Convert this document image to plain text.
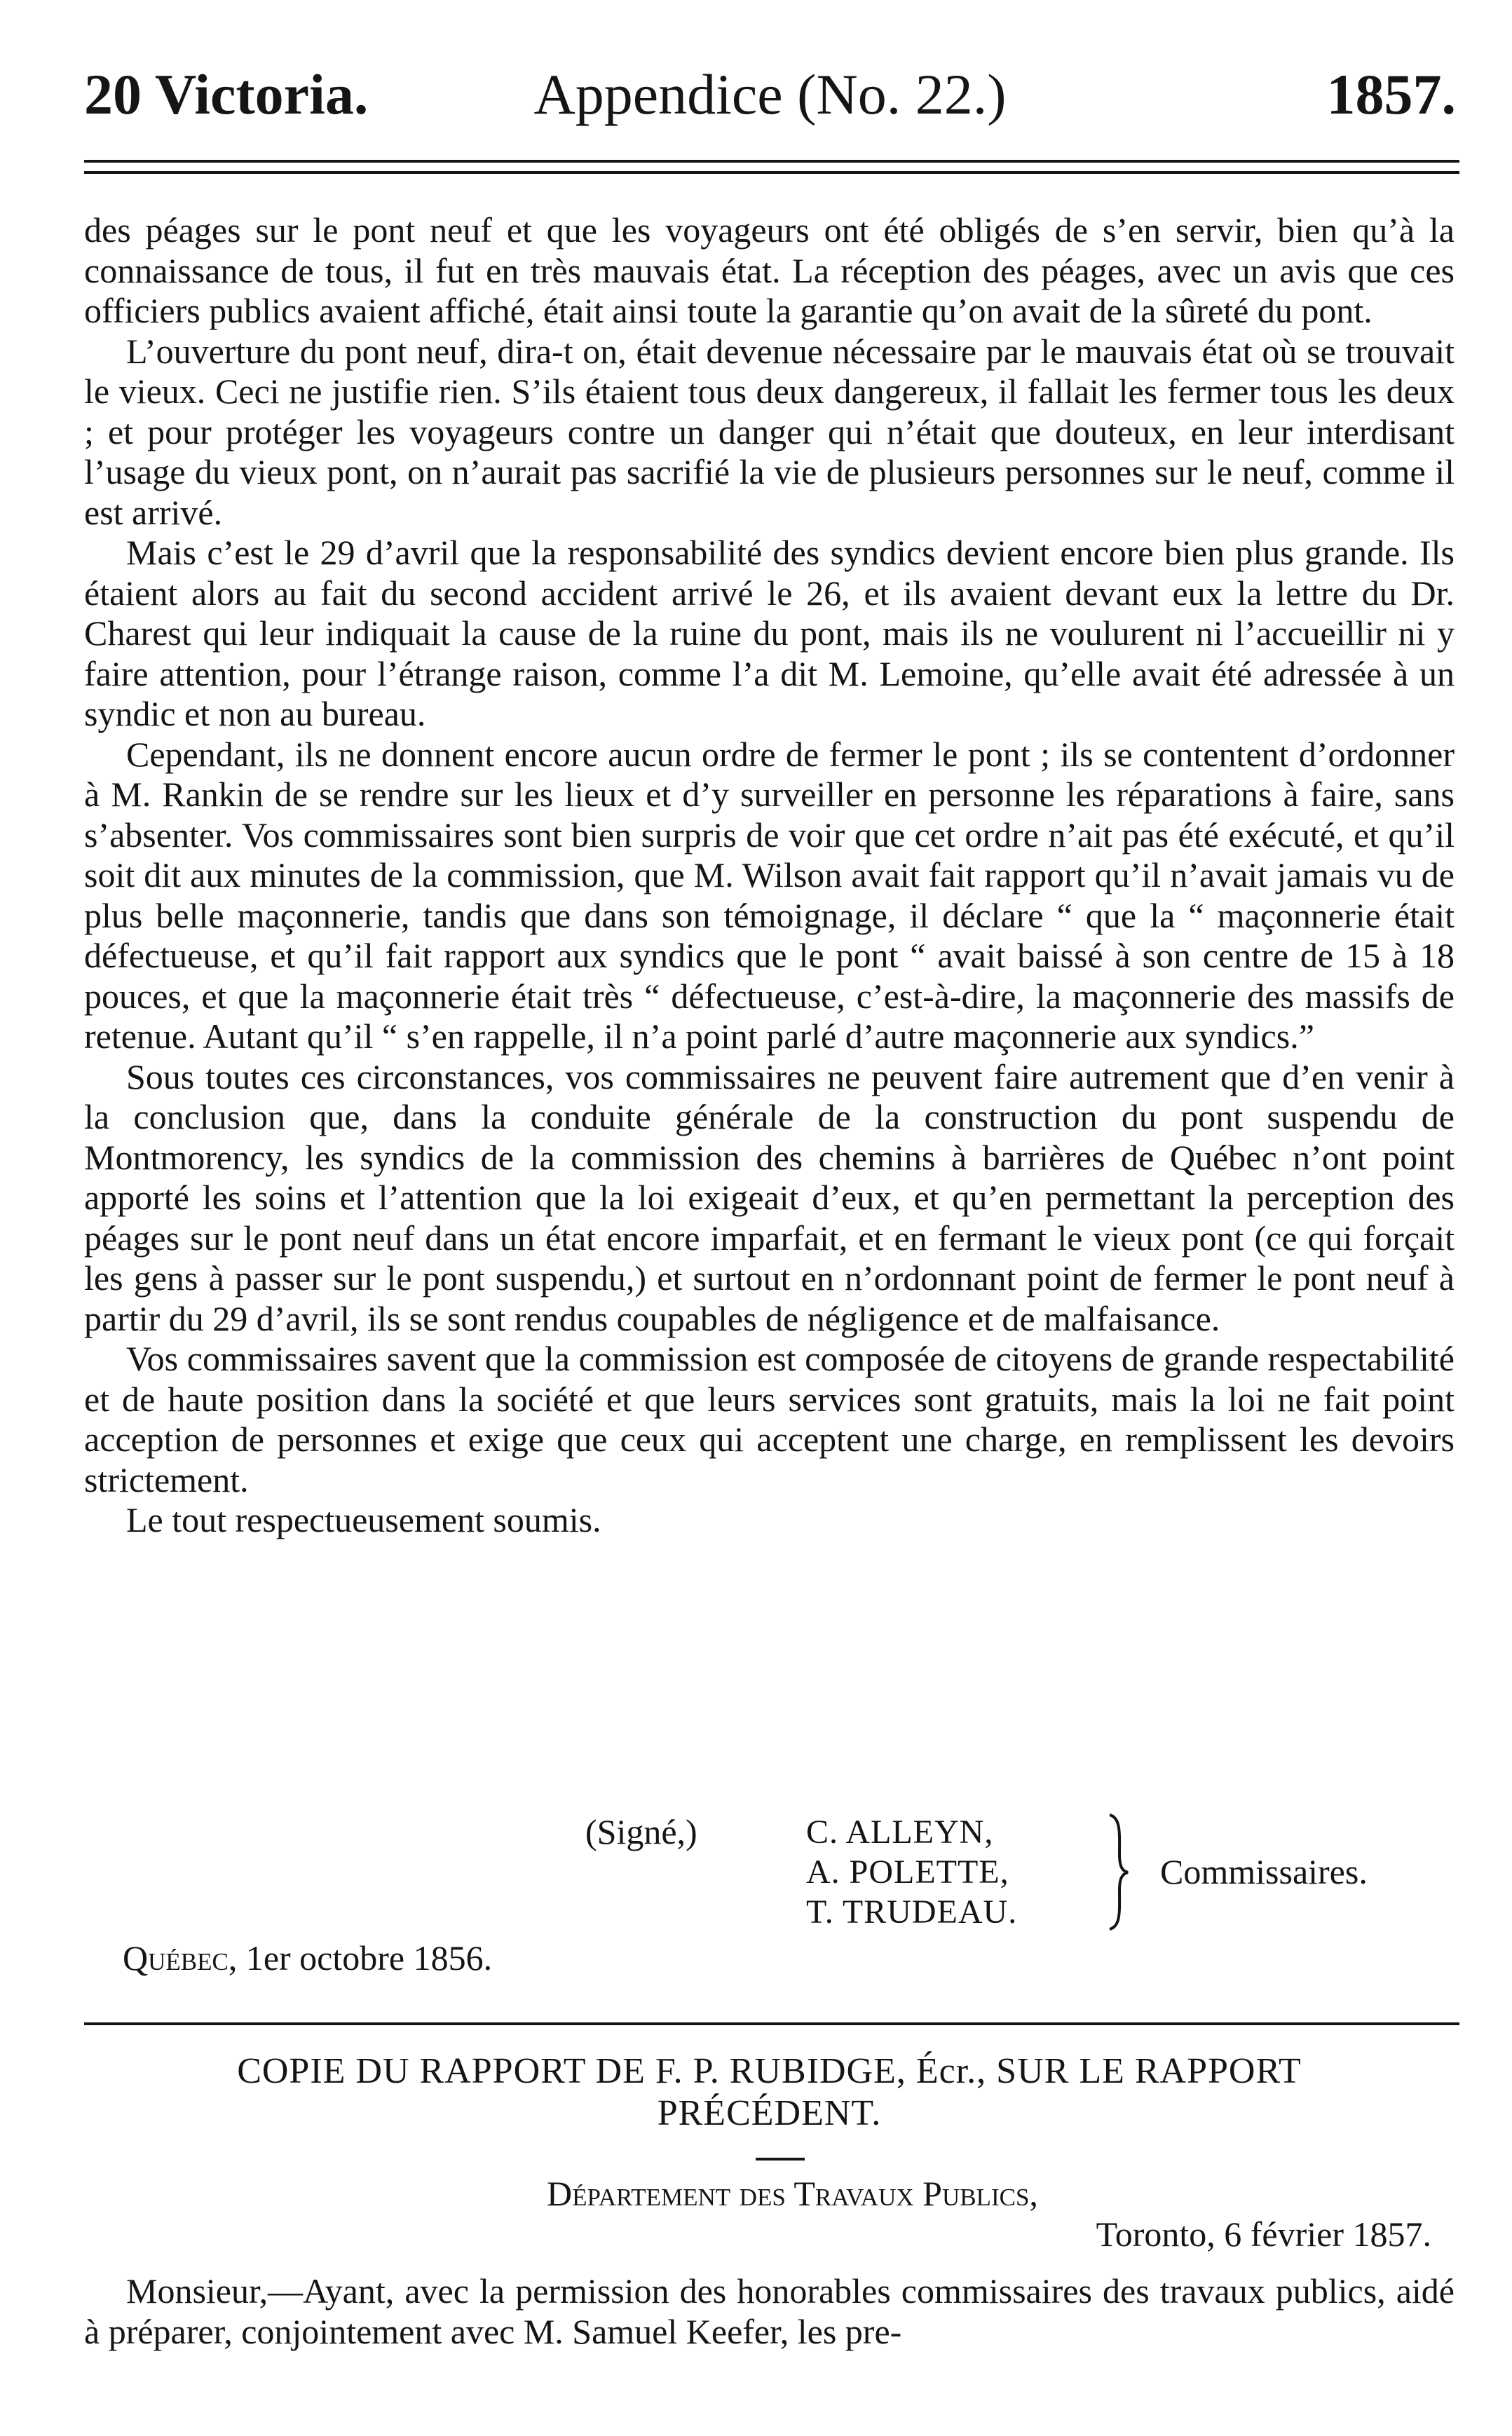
20 Victoria.	Appendice (No. 22.)	1857.

des péages sur le pont neuf et que les voyageurs ont été obligés de s’en servir, bien qu’à la connaissance de tous, il fut en très mauvais état. La réception des péages, avec un avis que ces officiers publics avaient affiché, était ainsi toute la garantie qu’on avait de la sûreté du pont.

L’ouverture du pont neuf, dira-t on, était devenue nécessaire par le mauvais état où se trouvait le vieux. Ceci ne justifie rien. S’ils étaient tous deux dangereux, il fallait les fermer tous les deux ; et pour protéger les voyageurs contre un danger qui n’était que douteux, en leur interdisant l’usage du vieux pont, on n’aurait pas sacrifié la vie de plusieurs personnes sur le neuf, comme il est arrivé.

Mais c’est le 29 d’avril que la responsabilité des syndics devient encore bien plus grande. Ils étaient alors au fait du second accident arrivé le 26, et ils avaient devant eux la lettre du Dr. Charest qui leur indiquait la cause de la ruine du pont, mais ils ne voulurent ni l’accueillir ni y faire attention, pour l’étrange raison, comme l’a dit M. Lemoine, qu’elle avait été adressée à un syndic et non au bureau.

Cependant, ils ne donnent encore aucun ordre de fermer le pont ; ils se contentent d’ordonner à M. Rankin de se rendre sur les lieux et d’y surveiller en personne les réparations à faire, sans s’absenter. Vos commissaires sont bien surpris de voir que cet ordre n’ait pas été exécuté, et qu’il soit dit aux minutes de la commission, que M. Wilson avait fait rapport qu’il n’avait jamais vu de plus belle maçonnerie, tandis que dans son témoignage, il déclare “ que la “ maçonnerie était défectueuse, et qu’il fait rapport aux syndics que le pont “ avait baissé à son centre de 15 à 18 pouces, et que la maçonnerie était très “ défectueuse, c’est-à-dire, la maçonnerie des massifs de retenue. Autant qu’il “ s’en rappelle, il n’a point parlé d’autre maçonnerie aux syndics.”

Sous toutes ces circonstances, vos commissaires ne peuvent faire autrement que d’en venir à la conclusion que, dans la conduite générale de la construction du pont suspendu de Montmorency, les syndics de la commission des chemins à barrières de Québec n’ont point apporté les soins et l’attention que la loi exigeait d’eux, et qu’en permettant la perception des péages sur le pont neuf dans un état encore imparfait, et en fermant le vieux pont (ce qui forçait les gens à passer sur le pont suspendu,) et surtout en n’ordonnant point de fermer le pont neuf à partir du 29 d’avril, ils se sont rendus coupables de négligence et de malfaisance.

Vos commissaires savent que la commission est composée de citoyens de grande respectabilité et de haute position dans la société et que leurs services sont gratuits, mais la loi ne fait point acception de personnes et exige que ceux qui acceptent une charge, en remplissent les devoirs strictement.

Le tout respectueusement soumis.

(Signé,)	C. ALLEYN,
A. POLETTE,
T. TRUDEAU.
Commissaires.
Québec, 1er octobre 1856.
COPIE DU RAPPORT DE F. P. RUBIDGE, Écr., SUR LE RAPPORT
PRÉCÉDENT.
Département des Travaux Publics,
Toronto, 6 février 1857.
Monsieur,—Ayant, avec la permission des honorables commissaires des travaux publics, aidé à préparer, conjointement avec M. Samuel Keefer, les pre-
